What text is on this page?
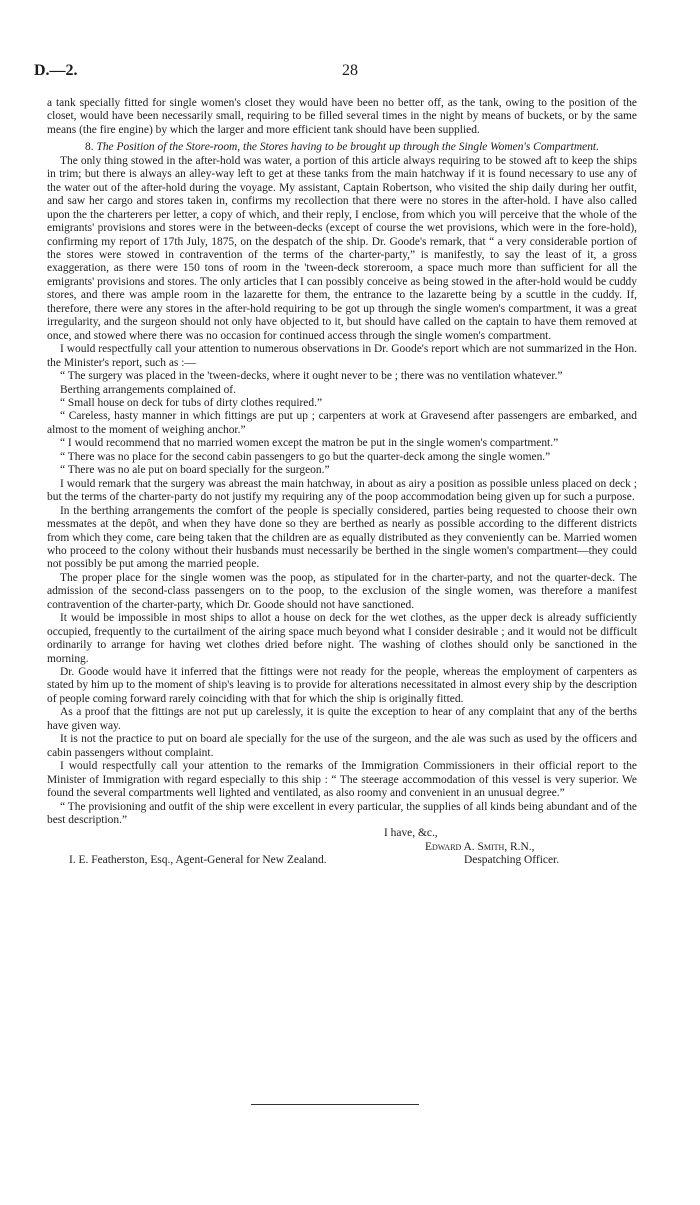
D.—2.	28

a tank specially fitted for single women's closet they would have been no better off, as the tank, owing to the position of the closet, would have been necessarily small, requiring to be filled several times in the night by means of buckets, or by the same means (the fire engine) by which the larger and more efficient tank should have been supplied.

8. The Position of the Store-room, the Stores having to be brought up through the Single Women's Compartment.

The only thing stowed in the after-hold was water, a portion of this article always requiring to be stowed aft to keep the ships in trim; but there is always an alley-way left to get at these tanks from the main hatchway if it is found necessary to use any of the water out of the after-hold during the voyage. My assistant, Captain Robertson, who visited the ship daily during her outfit, and saw her cargo and stores taken in, confirms my recollection that there were no stores in the after-hold. I have also called upon the the charterers per letter, a copy of which, and their reply, I enclose, from which you will perceive that the whole of the emigrants' provisions and stores were in the between-decks (except of course the wet provisions, which were in the fore-hold), confirming my report of 17th July, 1875, on the despatch of the ship. Dr. Goode's remark, that “ a very considerable portion of the stores were stowed in contravention of the terms of the charter-party,” is manifestly, to say the least of it, a gross exaggeration, as there were 150 tons of room in the 'tween-deck storeroom, a space much more than sufficient for all the emigrants' provisions and stores. The only articles that I can possibly conceive as being stowed in the after-hold would be cuddy stores, and there was ample room in the lazarette for them, the entrance to the lazarette being by a scuttle in the cuddy. If, therefore, there were any stores in the after-hold requiring to be got up through the single women's compartment, it was a great irregularity, and the surgeon should not only have objected to it, but should have called on the captain to have them removed at once, and stowed where there was no occasion for continued access through the single women's compartment.

I would respectfully call your attention to numerous observations in Dr. Goode's report which are not summarized in the Hon. the Minister's report, such as :—

“ The surgery was placed in the 'tween-decks, where it ought never to be ; there was no ventilation whatever.”

Berthing arrangements complained of.

“ Small house on deck for tubs of dirty clothes required.”

“ Careless, hasty manner in which fittings are put up ; carpenters at work at Gravesend after passengers are embarked, and almost to the moment of weighing anchor.”

“ I would recommend that no married women except the matron be put in the single women's compartment.”

“ There was no place for the second cabin passengers to go but the quarter-deck among the single women.”

“ There was no ale put on board specially for the surgeon.”

I would remark that the surgery was abreast the main hatchway, in about as airy a position as possible unless placed on deck ; but the terms of the charter-party do not justify my requiring any of the poop accommodation being given up for such a purpose.

In the berthing arrangements the comfort of the people is specially considered, parties being requested to choose their own messmates at the depôt, and when they have done so they are berthed as nearly as possible according to the different districts from which they come, care being taken that the children are as equally distributed as they conveniently can be. Married women who proceed to the colony without their husbands must necessarily be berthed in the single women's compartment—they could not possibly be put among the married people.

The proper place for the single women was the poop, as stipulated for in the charter-party, and not the quarter-deck. The admission of the second-class passengers on to the poop, to the exclusion of the single women, was therefore a manifest contravention of the charter-party, which Dr. Goode should not have sanctioned.

It would be impossible in most ships to allot a house on deck for the wet clothes, as the upper deck is already sufficiently occupied, frequently to the curtailment of the airing space much beyond what I consider desirable ; and it would not be difficult ordinarily to arrange for having wet clothes dried before night. The washing of clothes should only be sanctioned in the morning.

Dr. Goode would have it inferred that the fittings were not ready for the people, whereas the employment of carpenters as stated by him up to the moment of ship's leaving is to provide for alterations necessitated in almost every ship by the description of people coming forward rarely coinciding with that for which the ship is originally fitted.

As a proof that the fittings are not put up carelessly, it is quite the exception to hear of any complaint that any of the berths have given way.

It is not the practice to put on board ale specially for the use of the surgeon, and the ale was such as used by the officers and cabin passengers without complaint.

I would respectfully call your attention to the remarks of the Immigration Commissioners in their official report to the Minister of Immigration with regard especially to this ship : “ The steerage accommodation of this vessel is very superior. We found the several compartments well lighted and ventilated, as also roomy and convenient in an unusual degree.”

“ The provisioning and outfit of the ship were excellent in every particular, the supplies of all kinds being abundant and of the best description.”

I have, &c.,

Edward A. Smith, R.N.,

I. E. Featherston, Esq., Agent-General for New Zealand.	Despatching Officer.
